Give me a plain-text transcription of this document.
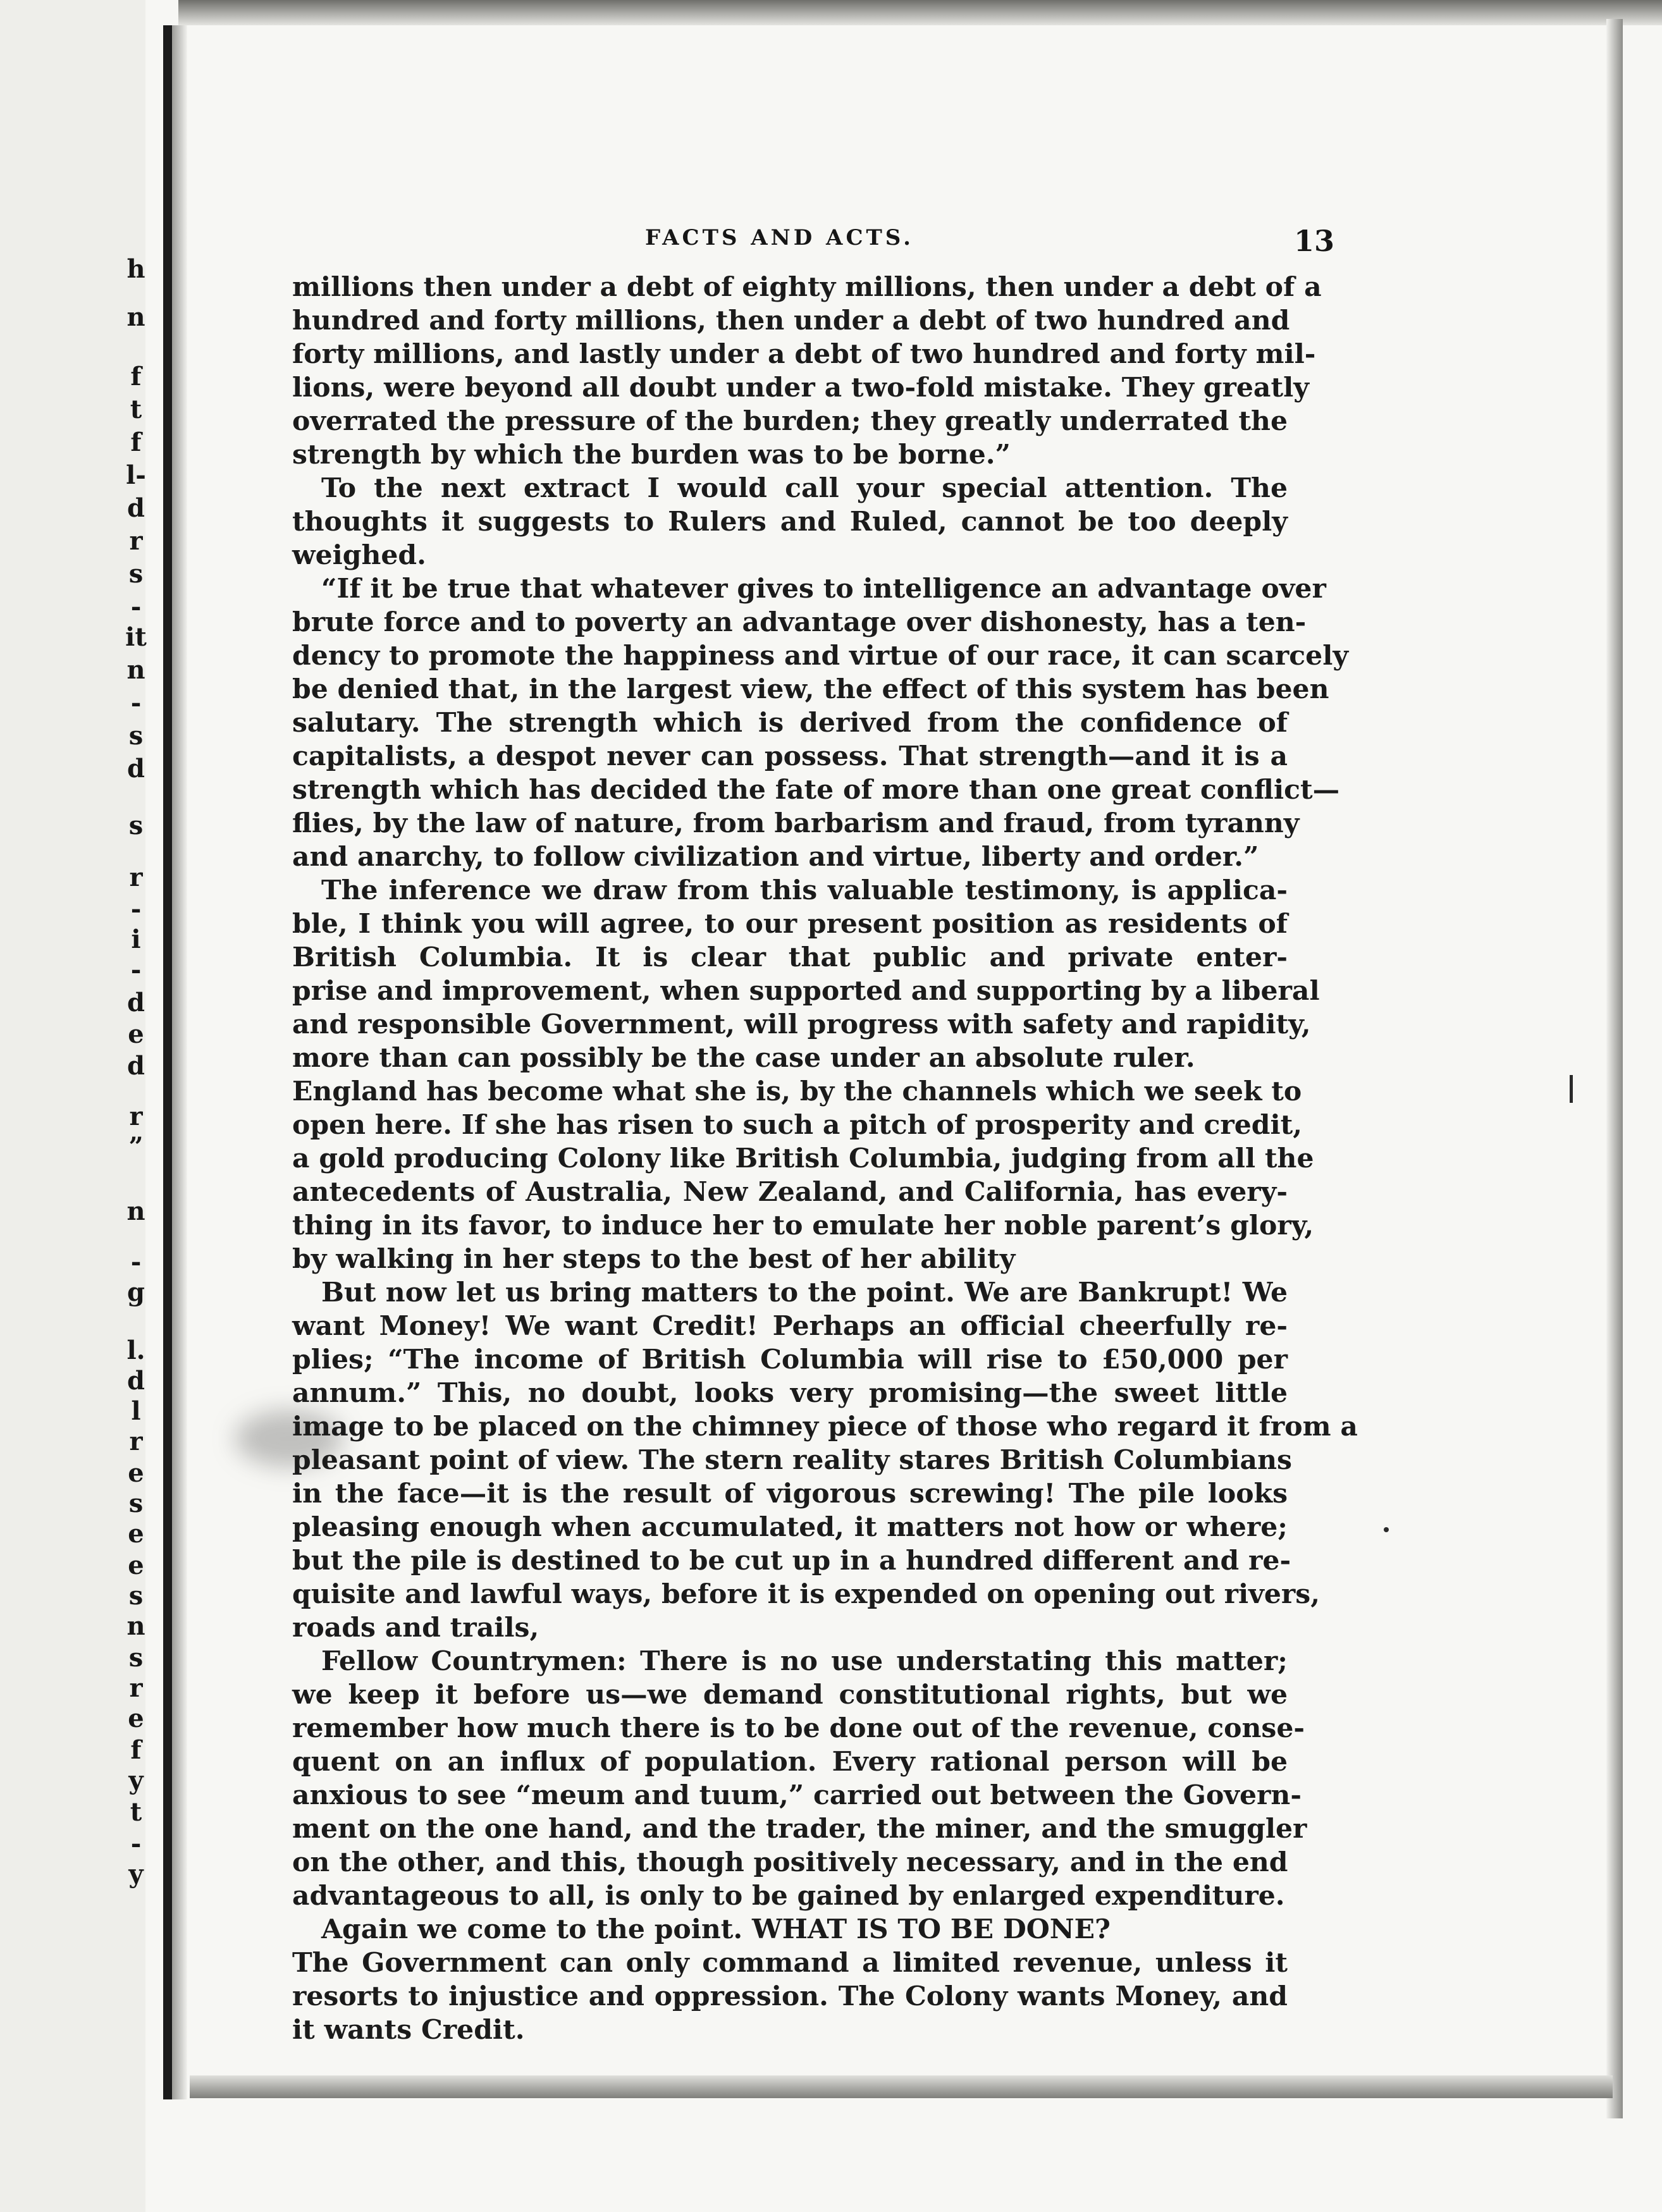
h
n
f
t
f
l-
d
r
s
-
it
n
-
s
d
s
r
-
i
-
d
e
d
r
”
n
-
g
l.
d
l
r
e
s
e
e
s
n
s
r
e
f
y
t
-
y
FACTS AND ACTS.	13
millions then under a debt of eighty millions, then under a debt of a
hundred and forty millions, then under a debt of two hundred and
forty millions, and lastly under a debt of two hundred and forty mil-
lions, were beyond all doubt under a two-fold mistake. They greatly
overrated the pressure of the burden; they greatly underrated the
strength by which the burden was to be borne.”
To the next extract I would call your special attention. The
thoughts it suggests to Rulers and Ruled, cannot be too deeply
weighed.
“If it be true that whatever gives to intelligence an advantage over
brute force and to poverty an advantage over dishonesty, has a ten-
dency to promote the happiness and virtue of our race, it can scarcely
be denied that, in the largest view, the effect of this system has been
salutary. The strength which is derived from the confidence of
capitalists, a despot never can possess. That strength—and it is a
strength which has decided the fate of more than one great conflict—
flies, by the law of nature, from barbarism and fraud, from tyranny
and anarchy, to follow civilization and virtue, liberty and order.”
The inference we draw from this valuable testimony, is applica-
ble, I think you will agree, to our present position as residents of
British Columbia. It is clear that public and private enter-
prise and improvement, when supported and supporting by a liberal
and responsible Government, will progress with safety and rapidity,
more than can possibly be the case under an absolute ruler.
England has become what she is, by the channels which we seek to
open here. If she has risen to such a pitch of prosperity and credit,
a gold producing Colony like British Columbia, judging from all the
antecedents of Australia, New Zealand, and California, has every-
thing in its favor, to induce her to emulate her noble parent’s glory,
by walking in her steps to the best of her ability
But now let us bring matters to the point. We are Bankrupt! We
want Money! We want Credit! Perhaps an official cheerfully re-
plies; “The income of British Columbia will rise to £50,000 per
annum.” This, no doubt, looks very promising—the sweet little
image to be placed on the chimney piece of those who regard it from a
pleasant point of view. The stern reality stares British Columbians
in the face—it is the result of vigorous screwing! The pile looks
pleasing enough when accumulated, it matters not how or where;
but the pile is destined to be cut up in a hundred different and re-
quisite and lawful ways, before it is expended on opening out rivers,
roads and trails,
Fellow Countrymen: There is no use understating this matter;
we keep it before us—we demand constitutional rights, but we
remember how much there is to be done out of the revenue, conse-
quent on an influx of population. Every rational person will be
anxious to see “meum and tuum,” carried out between the Govern-
ment on the one hand, and the trader, the miner, and the smuggler
on the other, and this, though positively necessary, and in the end
advantageous to all, is only to be gained by enlarged expenditure.
Again we come to the point. WHAT IS TO BE DONE?
The Government can only command a limited revenue, unless it
resorts to injustice and oppression. The Colony wants Money, and
it wants Credit.
